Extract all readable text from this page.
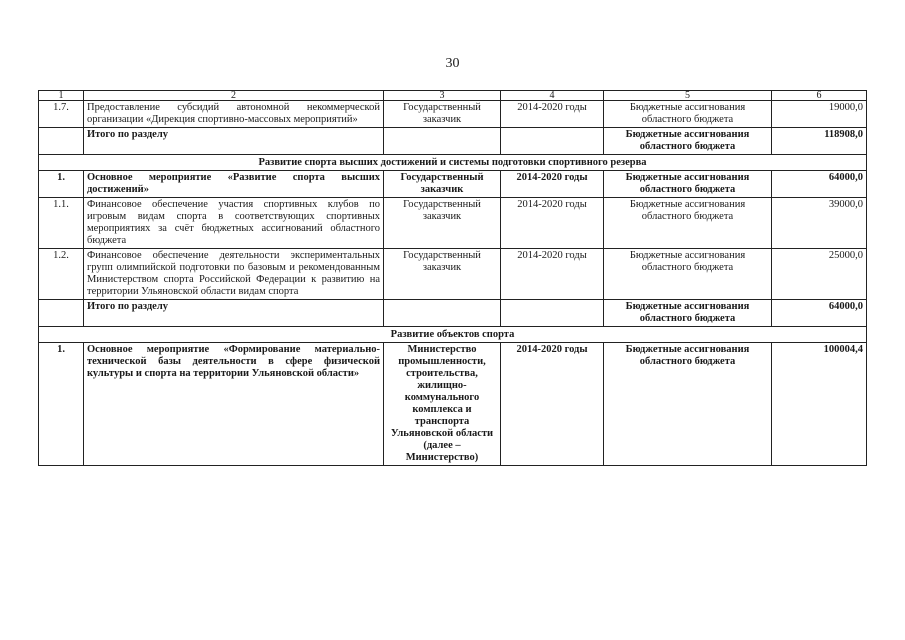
30
1	2	3	4	5	6
1.7.	Предоставление субсидий автономной некоммерческой организации «Дирекция спортивно-массовых мероприятий»	Государственный заказчик	2014-2020 годы	Бюджетные ассигнования областного бюджета	19000,0
	Итого по разделу			Бюджетные ассигнования областного бюджета	118908,0
Развитие спорта высших достижений и системы подготовки спортивного резерва					
1.	Основное мероприятие «Развитие спорта высших достижений»	Государственный заказчик	2014-2020 годы	Бюджетные ассигнования областного бюджета	64000,0
1.1.	Финансовое обеспечение участия спортивных клубов по игровым видам спорта в соответствующих спортивных мероприятиях за счёт бюджетных ассигнований областного бюджета	Государственный заказчик	2014-2020 годы	Бюджетные ассигнования областного бюджета	39000,0
1.2.	Финансовое обеспечение деятельности экспериментальных групп олимпийской подготовки по базовым и рекомендованным Министерством спорта Российской Федерации к развитию на территории Ульяновской области видам спорта	Государственный заказчик	2014-2020 годы	Бюджетные ассигнования областного бюджета	25000,0
	Итого по разделу			Бюджетные ассигнования областного бюджета	64000,0
Развитие объектов спорта					
1.	Основное мероприятие «Формирование материально-технической базы деятельности в сфере физической культуры и спорта на территории Ульяновской области»	Министерство промышленности, строительства, жилищно-коммунального комплекса и транспорта Ульяновской области (далее – Министерство)	2014-2020 годы	Бюджетные ассигнования областного бюджета	100004,4
